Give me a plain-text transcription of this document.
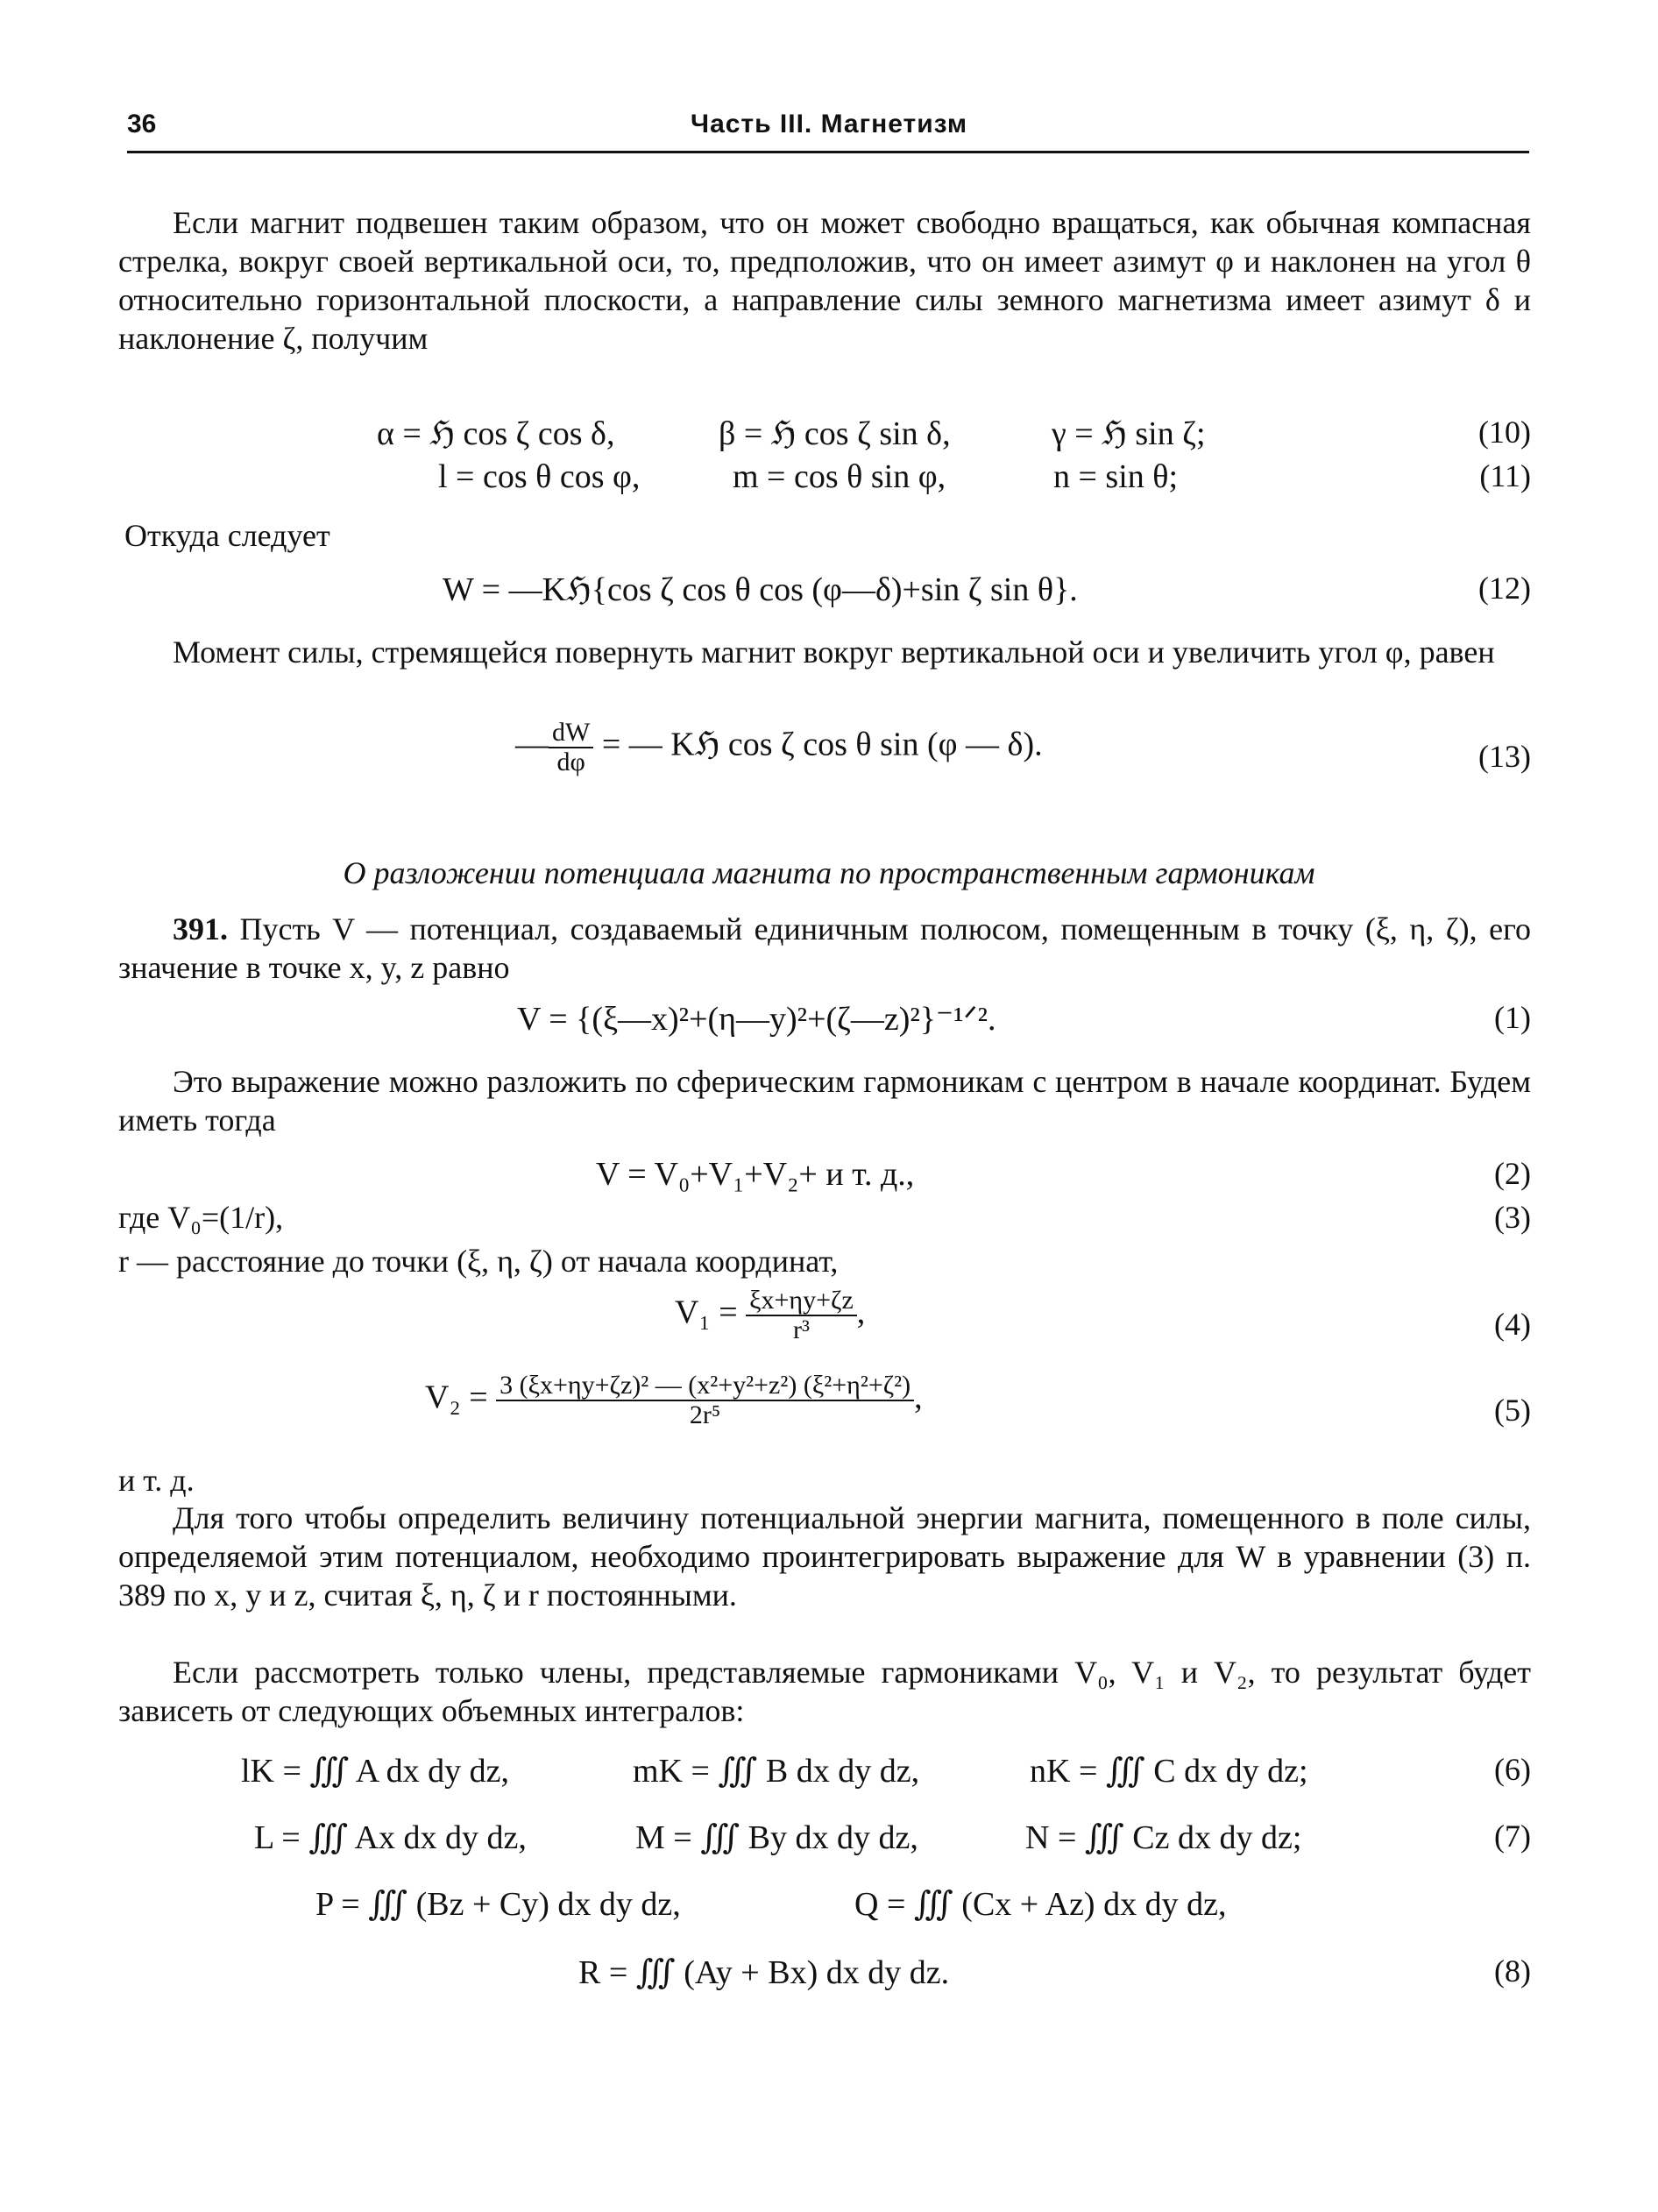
36	Часть III. Магнетизм

Если магнит подвешен таким образом, что он может свободно вращаться, как обычная компасная стрелка, вокруг своей вертикальной оси, то, предположив, что он имеет азимут φ и наклонен на угол θ относительно горизонтальной плоскости, а направление силы земного магнетизма имеет азимут δ и наклонение ζ, получим

α = ℌ cos ζ cos δ,	β = ℌ cos ζ sin δ,	γ = ℌ sin ζ;	(10)
l = cos θ cos φ,	m = cos θ sin φ,	n = sin θ;	(11)
Откуда следует
W = —Kℌ{cos ζ cos θ cos (φ—δ)+sin ζ sin θ}.	(12)

Момент силы, стремящейся повернуть магнит вокруг вертикальной оси и увеличить угол φ, равен

— $\frac{dW}{d\varphi}$ = — Kℌ cos ζ cos θ sin (φ — δ).	(13)
О разложении потенциала магнита по пространственным гармоникам

391. Пусть V — потенциал, создаваемый единичным полюсом, помещенным в точку (ξ, η, ζ), его значение в точке x, y, z равно

V = {(ξ—x)²+(η—y)²+(ζ—z)²}⁻¹ᐟ².	(1)

Это выражение можно разложить по сферическим гармоникам с центром в начале координат. Будем иметь тогда

V = V₀+V₁+V₂+ и т. д.,	(2)
где V₀=(1/r),	(3)
r — расстояние до точки (ξ, η, ζ) от начала координат,
$V_1 = \frac{\xi x+\eta y+\zeta z}{\text{r³}}$ ,	(4)
$V_2 = \frac{\text{3 (ξx+ηy+ζz)² — (x²+y²+z²) (ξ²+η²+ζ²)}}{\text{2r⁵}}$ ,	(5)
и т. д.

Для того чтобы определить величину потенциальной энергии магнита, помещенного в поле силы, определяемой этим потенциалом, необходимо проинтегрировать выражение для W в уравнении (3) п. 389 по x, y и z, считая ξ, η, ζ и r постоянными.

Если рассмотреть только члены, представляемые гармониками V₀, V₁ и V₂, то результат будет зависеть от следующих объемных интегралов:

lK = ∭ A dx dy dz,	mK = ∭ B dx dy dz,	nK = ∭ C dx dy dz;	(6)
L = ∭ Ax dx dy dz,	M = ∭ By dx dy dz,	N = ∭ Cz dx dy dz;	(7)
P = ∭ (Bz + Cy) dx dy dz,	Q = ∭ (Cx + Az) dx dy dz,
R = ∭ (Ay + Bx) dx dy dz.	(8)
